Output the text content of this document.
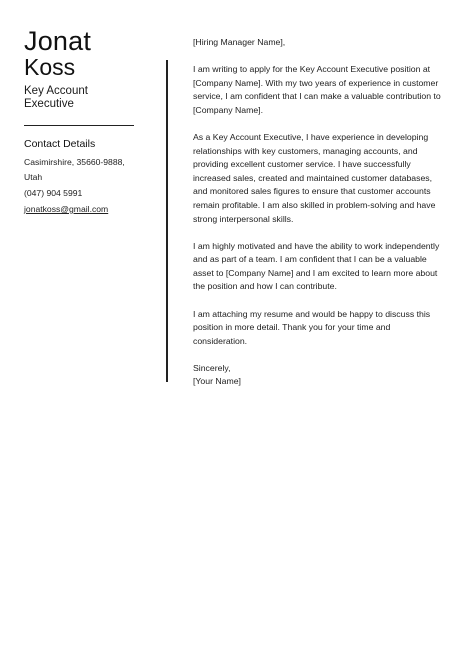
Jonat
Koss
Key Account Executive
Contact Details
Casimirshire, 35660-9888, Utah
(047) 904 5991
jonatkoss@gmail.com

[Hiring Manager Name],

I am writing to apply for the Key Account Executive position at [Company Name]. With my two years of experience in customer service, I am confident that I can make a valuable contribution to [Company Name].

As a Key Account Executive, I have experience in developing relationships with key customers, managing accounts, and providing excellent customer service. I have successfully increased sales, created and maintained customer databases, and monitored sales figures to ensure that customer accounts remain profitable. I am also skilled in problem-solving and have strong interpersonal skills.

I am highly motivated and have the ability to work independently and as part of a team. I am confident that I can be a valuable asset to [Company Name] and I am excited to learn more about the position and how I can contribute.

I am attaching my resume and would be happy to discuss this position in more detail. Thank you for your time and consideration.

Sincerely,
[Your Name]
